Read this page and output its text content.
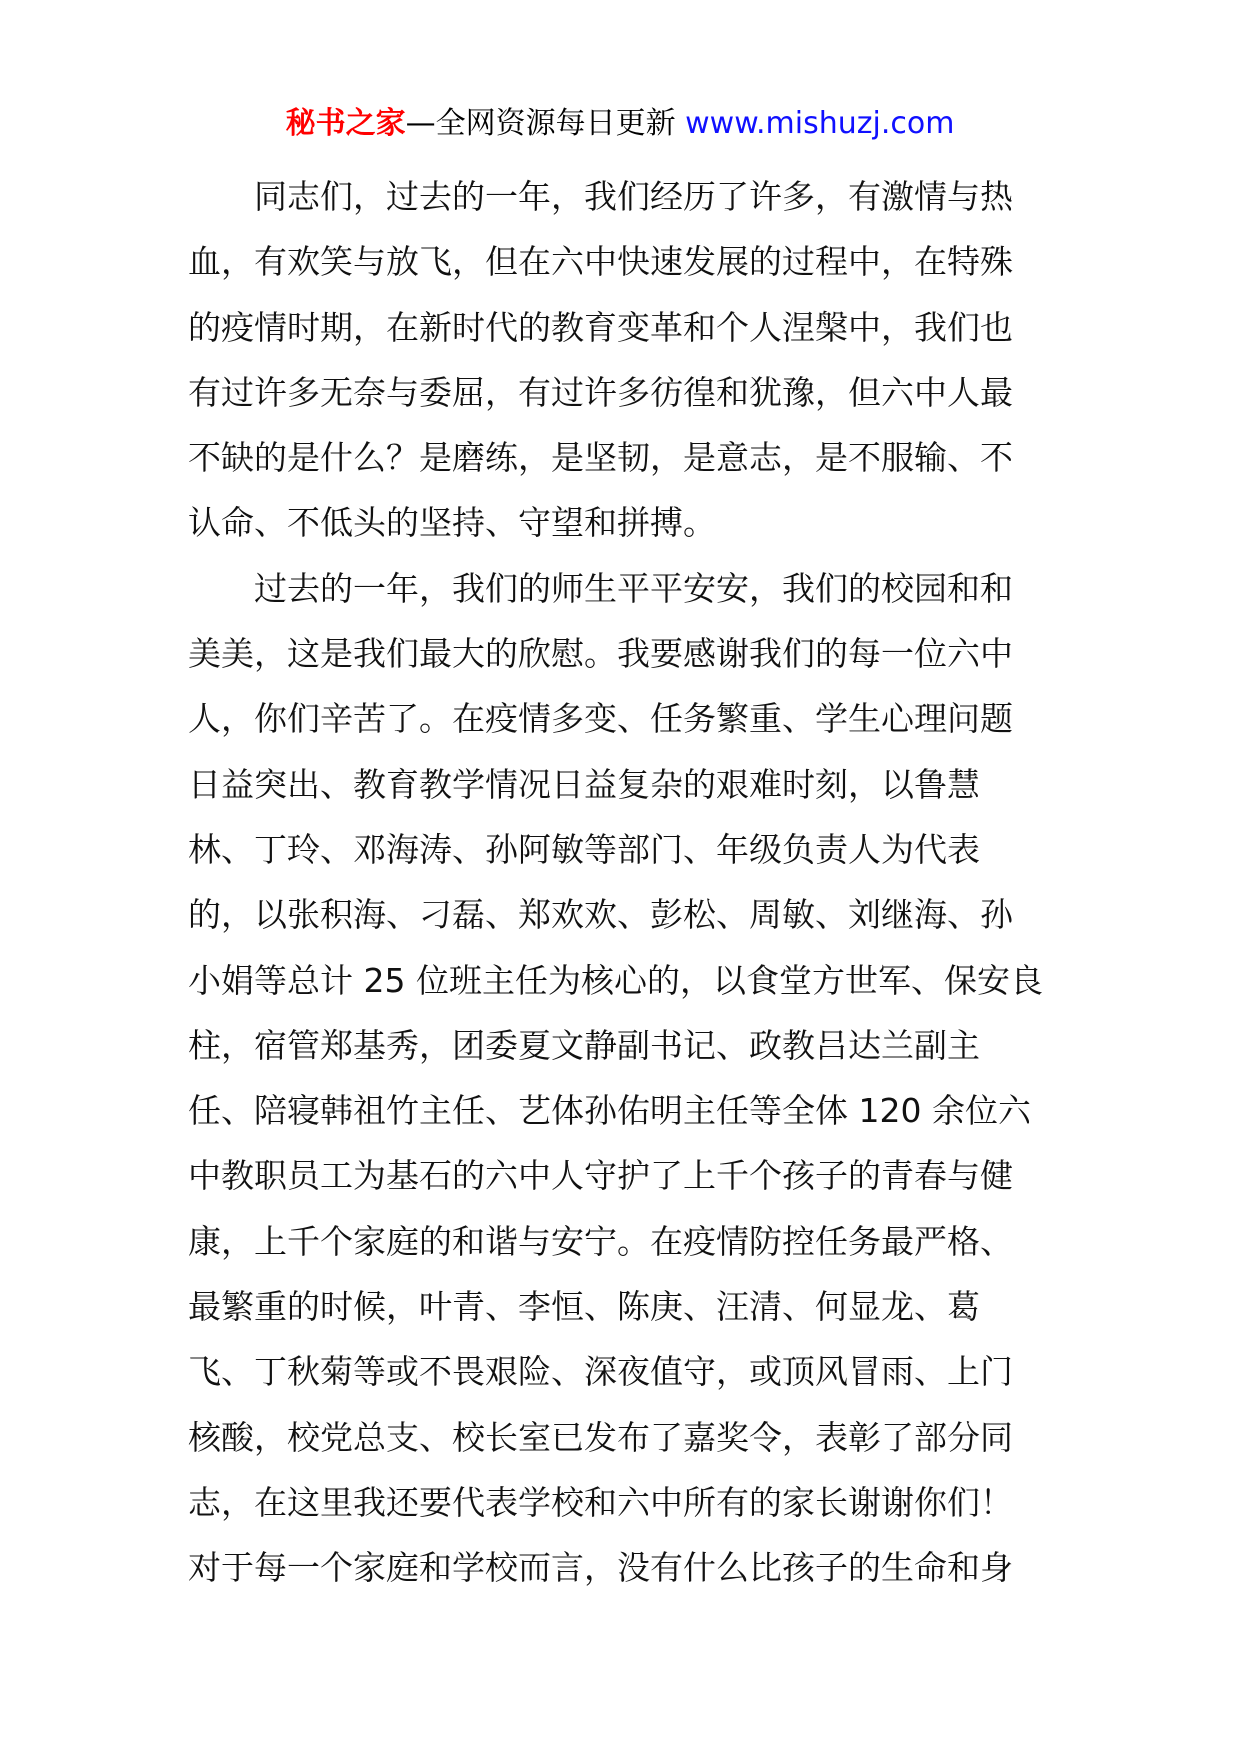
秘书之家—全网资源每日更新 www.mishuzj.com
同志们，过去的一年，我们经历了许多，有激情与热
血，有欢笑与放飞，但在六中快速发展的过程中，在特殊
的疫情时期，在新时代的教育变革和个人涅槃中，我们也
有过许多无奈与委屈，有过许多彷徨和犹豫，但六中人最
不缺的是什么？是磨练，是坚韧，是意志，是不服输、不
认命、不低头的坚持、守望和拼搏。
过去的一年，我们的师生平平安安，我们的校园和和
美美，这是我们最大的欣慰。我要感谢我们的每一位六中
人，你们辛苦了。在疫情多变、任务繁重、学生心理问题
日益突出、教育教学情况日益复杂的艰难时刻，以鲁慧
林、丁玲、邓海涛、孙阿敏等部门、年级负责人为代表
的，以张积海、刁磊、郑欢欢、彭松、周敏、刘继海、孙
小娟等总计 25 位班主任为核心的，以食堂方世军、保安良
柱，宿管郑基秀，团委夏文静副书记、政教吕达兰副主
任、陪寝韩祖竹主任、艺体孙佑明主任等全体 120 余位六
中教职员工为基石的六中人守护了上千个孩子的青春与健
康，上千个家庭的和谐与安宁。在疫情防控任务最严格、
最繁重的时候，叶青、李恒、陈庚、汪清、何显龙、葛
飞、丁秋菊等或不畏艰险、深夜值守，或顶风冒雨、上门
核酸，校党总支、校长室已发布了嘉奖令，表彰了部分同
志，在这里我还要代表学校和六中所有的家长谢谢你们！
对于每一个家庭和学校而言，没有什么比孩子的生命和身
